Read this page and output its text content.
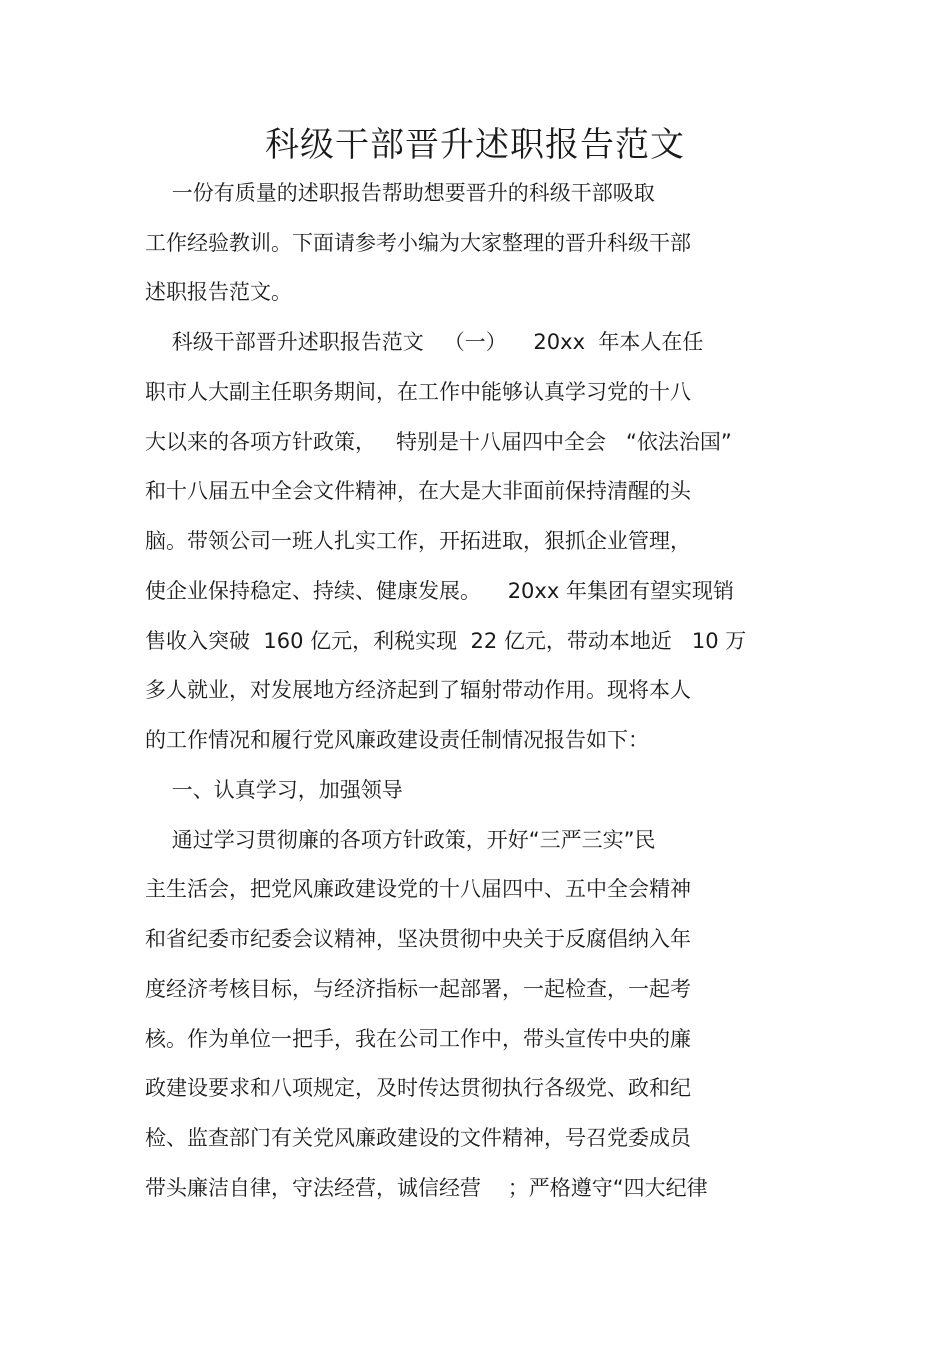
科级干部晋升述职报告范文
一份有质量的述职报告帮助想要晋升的科级干部吸取
工作经验教训。下面请参考小编为大家整理的晋升科级干部
述职报告范文。
科级干部晋升述职报告范文   （一）    20xx  年本人在任
职市人大副主任职务期间，在工作中能够认真学习党的十八
大以来的各项方针政策，   特别是十八届四中全会   “依法治国”
和十八届五中全会文件精神，在大是大非面前保持清醒的头
脑。带领公司一班人扎实工作，开拓进取，狠抓企业管理，
使企业保持稳定、持续、健康发展。    20xx 年集团有望实现销
售收入突破  160 亿元，利税实现  22 亿元，带动本地近   10 万
多人就业，对发展地方经济起到了辐射带动作用。现将本人
的工作情况和履行党风廉政建设责任制情况报告如下：
一、认真学习，加强领导
通过学习贯彻廉的各项方针政策，开好“三严三实”民
主生活会，把党风廉政建设党的十八届四中、五中全会精神
和省纪委市纪委会议精神，坚决贯彻中央关于反腐倡纳入年
度经济考核目标，与经济指标一起部署，一起检查，一起考
核。作为单位一把手，我在公司工作中，带头宣传中央的廉
政建设要求和八项规定，及时传达贯彻执行各级党、政和纪
检、监查部门有关党风廉政建设的文件精神，号召党委成员
带头廉洁自律，守法经营，诚信经营    ；严格遵守“四大纪律
